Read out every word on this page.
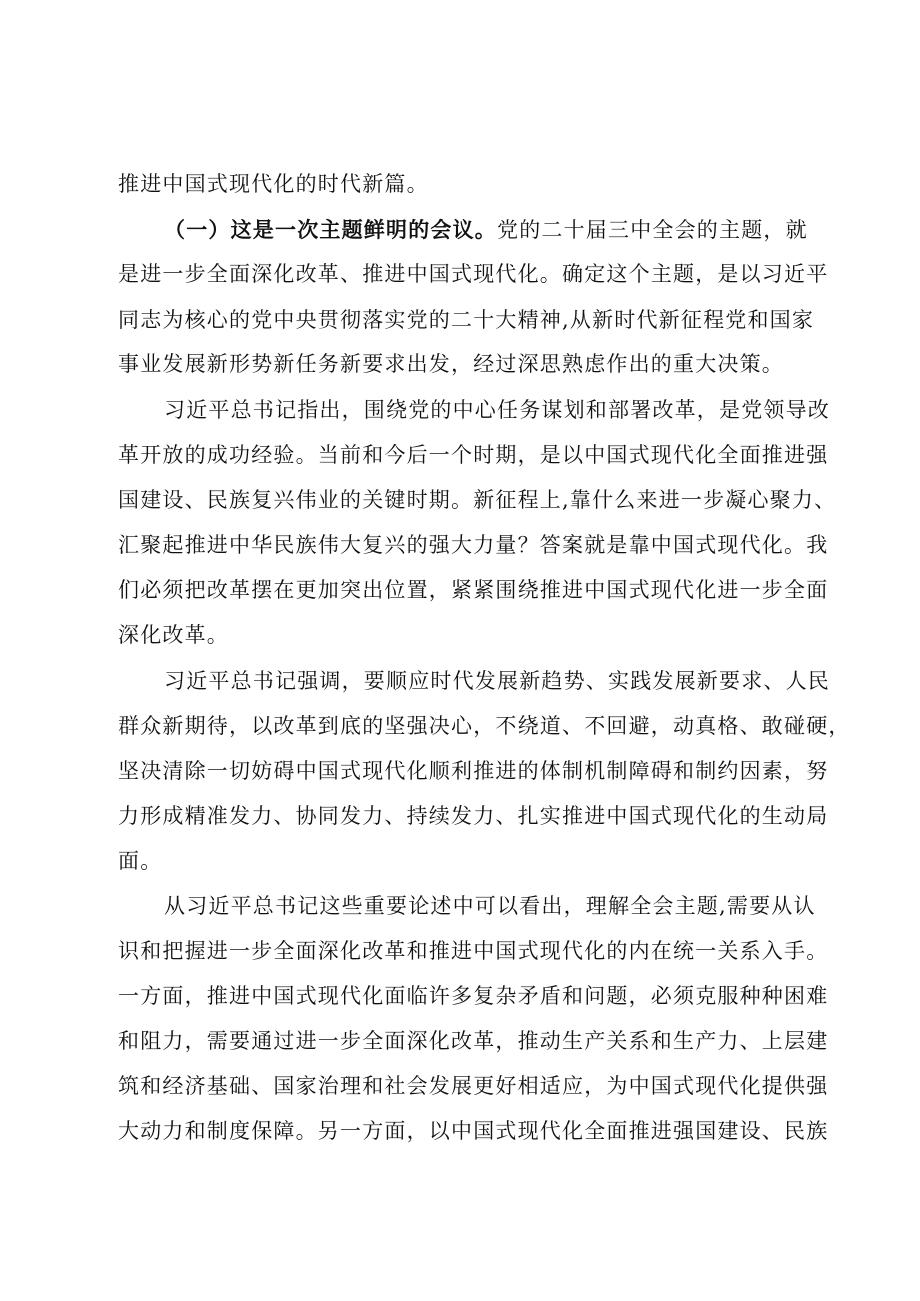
推进中国式现代化的时代新篇。
（一）这是一次主题鲜明的会议。党的二十届三中全会的主题，就
是进一步全面深化改革、推进中国式现代化。确定这个主题，是以习近平
同志为核心的党中央贯彻落实党的二十大精神,从新时代新征程党和国家
事业发展新形势新任务新要求出发，经过深思熟虑作出的重大决策。
习近平总书记指出，围绕党的中心任务谋划和部署改革，是党领导改
革开放的成功经验。当前和今后一个时期，是以中国式现代化全面推进强
国建设、民族复兴伟业的关键时期。新征程上,靠什么来进一步凝心聚力、
汇聚起推进中华民族伟大复兴的强大力量？答案就是靠中国式现代化。我
们必须把改革摆在更加突出位置，紧紧围绕推进中国式现代化进一步全面
深化改革。
习近平总书记强调，要顺应时代发展新趋势、实践发展新要求、人民
群众新期待，以改革到底的坚强决心，不绕道、不回避，动真格、敢碰硬，
坚决清除一切妨碍中国式现代化顺利推进的体制机制障碍和制约因素，努
力形成精准发力、协同发力、持续发力、扎实推进中国式现代化的生动局
面。
从习近平总书记这些重要论述中可以看出，理解全会主题,需要从认
识和把握进一步全面深化改革和推进中国式现代化的内在统一关系入手。
一方面，推进中国式现代化面临许多复杂矛盾和问题，必须克服种种困难
和阻力，需要通过进一步全面深化改革，推动生产关系和生产力、上层建
筑和经济基础、国家治理和社会发展更好相适应，为中国式现代化提供强
大动力和制度保障。另一方面，以中国式现代化全面推进强国建设、民族
